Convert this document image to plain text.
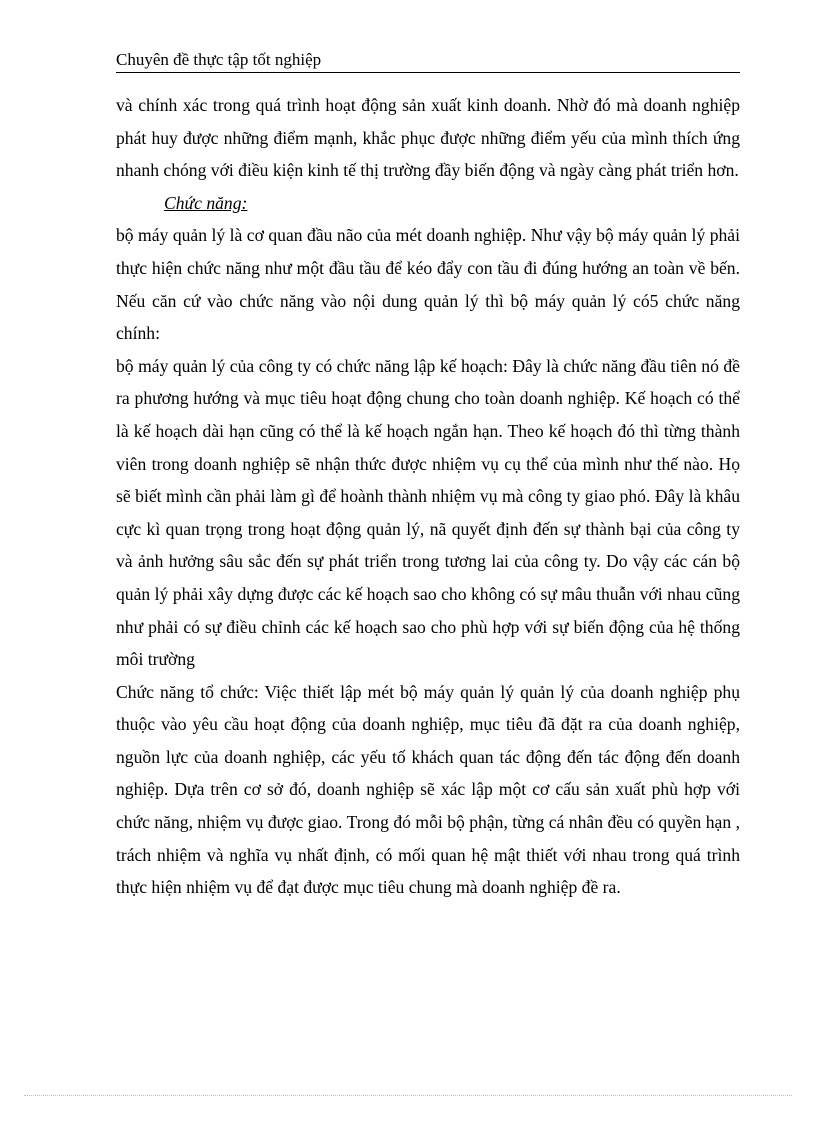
Chuyên đề thực tập tốt nghiệp

và chính xác trong quá trình hoạt động sản xuất kinh doanh. Nhờ đó mà doanh nghiệp phát huy được những điểm mạnh, khắc phục được những điểm yếu của mình thích ứng nhanh chóng với điều kiện kinh tế thị trường đầy biến động và ngày càng phát triển hơn.

Chức năng:

bộ máy quản lý là cơ quan đầu não của mét doanh nghiệp. Như vậy bộ máy quản lý phải thực hiện chức năng như một đầu tầu để kéo đẩy con tầu đi đúng hướng an toàn về bến. Nếu căn cứ vào chức năng vào nội dung quản lý thì bộ máy quản lý có5 chức năng chính:

bộ máy quản lý của công ty có chức năng lập kế hoạch: Đây là chức năng đầu tiên nó đề ra phương hướng và mục tiêu hoạt động chung cho toàn doanh nghiệp. Kế hoạch có thể là kế hoạch dài hạn cũng có thể là kế hoạch ngắn hạn. Theo kế hoạch đó thì từng thành viên trong doanh nghiệp sẽ nhận thức được nhiệm vụ cụ thể của mình như thế nào. Họ sẽ biết mình cần phải làm gì để hoành thành nhiệm vụ mà công ty giao phó. Đây là khâu cực kì quan trọng trong hoạt động quản lý, nã quyết định đến sự thành bại của công ty và ảnh hưởng sâu sắc đến sự phát triển trong tương lai của công ty. Do vậy các cán bộ quản lý phải xây dựng được các kế hoạch sao cho không có sự mâu thuẫn với nhau cũng như phải có sự điều chỉnh các kế hoạch sao cho phù hợp với sự biến động của hệ thống môi trường

Chức năng tổ chức: Việc thiết lập mét bộ máy quản lý quản lý của doanh nghiệp phụ thuộc vào yêu cầu hoạt động của doanh nghiệp, mục tiêu đã đặt ra của doanh nghiệp, nguồn lực của doanh nghiệp, các yếu tố khách quan tác động đến tác động đến doanh nghiệp. Dựa trên cơ sở đó, doanh nghiệp sẽ xác lập một cơ cấu sản xuất phù hợp với chức năng, nhiệm vụ được giao. Trong đó mỗi bộ phận, từng cá nhân đều có quyền hạn , trách nhiệm và nghĩa vụ nhất định, có mối quan hệ mật thiết với nhau trong quá trình thực hiện nhiệm vụ để đạt được mục tiêu chung mà doanh nghiệp đề ra.
